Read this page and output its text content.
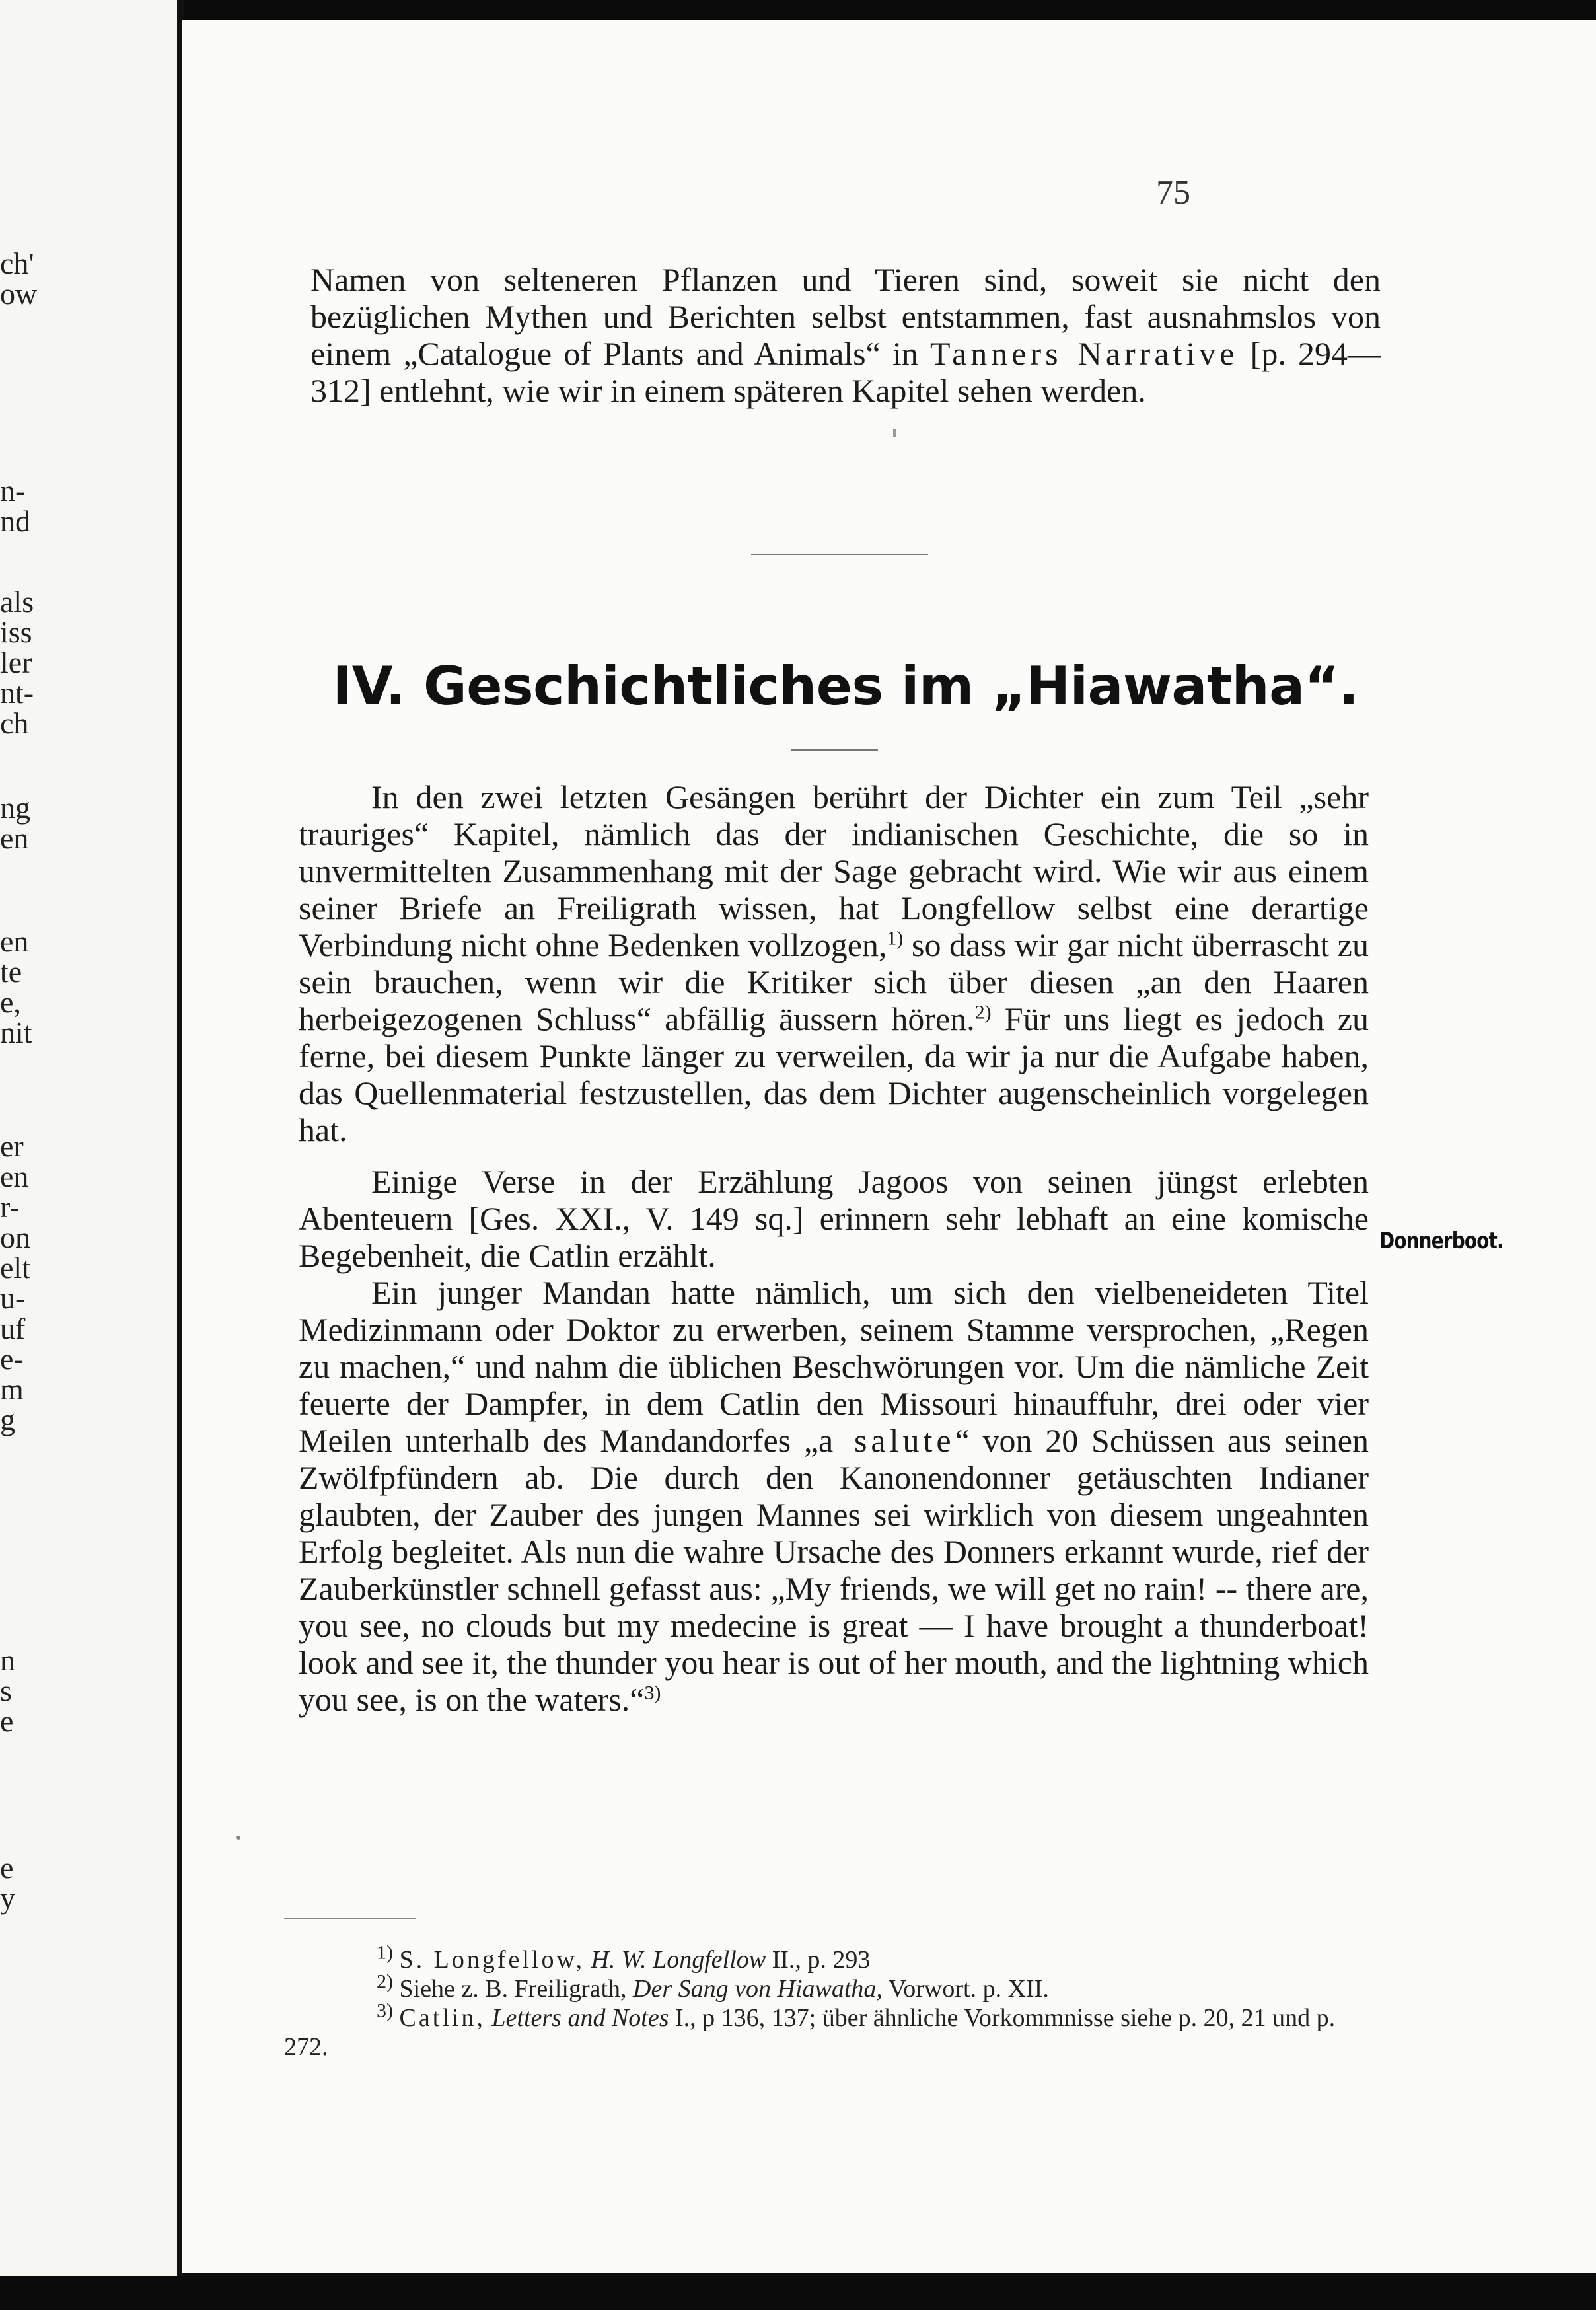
ch'
ow
n-
nd
als
iss
ler
nt-
ch
ng
en
en
te
e,
nit
er
en
r-
on
elt
u-
uf
e-
m
g
n
s
e
e
y
75

Namen von selteneren Pflanzen und Tieren sind, soweit sie nicht den bezüglichen Mythen und Berichten selbst entstammen, fast ausnahmslos von einem „Catalogue of Plants and Animals“ in Tanners Narrative [p. 294—312] entlehnt, wie wir in einem späteren Kapitel sehen werden.

IV. Geschichtliches im „Hiawatha“.

In den zwei letzten Gesängen berührt der Dichter ein zum Teil „sehr trauriges“ Kapitel, nämlich das der indianischen Geschichte, die so in unvermittelten Zusammenhang mit der Sage gebracht wird. Wie wir aus einem seiner Briefe an Freiligrath wissen, hat Longfellow selbst eine derartige Verbindung nicht ohne Bedenken vollzogen,$^{1)}$ so dass wir gar nicht überrascht zu sein brauchen, wenn wir die Kritiker sich über diesen „an den Haaren herbeigezogenen Schluss“ abfällig äussern hören.$^{2)}$ Für uns liegt es jedoch zu ferne, bei diesem Punkte länger zu verweilen, da wir ja nur die Aufgabe haben, das Quellenmaterial festzustellen, das dem Dichter augenscheinlich vorgelegen hat.

Einige Verse in der Erzählung Jagoos von seinen jüngst erlebten Abenteuern [Ges. XXI., V. 149 sq.] erinnern sehr lebhaft an eine komische Begebenheit, die Catlin erzählt.

Ein junger Mandan hatte nämlich, um sich den vielbeneideten Titel Medizinmann oder Doktor zu erwerben, seinem Stamme versprochen, „Regen zu machen,“ und nahm die üblichen Beschwörungen vor. Um die nämliche Zeit feuerte der Dampfer, in dem Catlin den Missouri hinauffuhr, drei oder vier Meilen unterhalb des Mandandorfes „a salute“ von 20 Schüssen aus seinen Zwölfpfündern ab. Die durch den Kanonendonner getäuschten Indianer glaubten, der Zauber des jungen Mannes sei wirklich von diesem ungeahnten Erfolg begleitet. Als nun die wahre Ursache des Donners erkannt wurde, rief der Zauberkünstler schnell gefasst aus: „My friends, we will get no rain! -- there are, you see, no clouds but my medecine is great — I have brought a thunderboat! look and see it, the thunder you hear is out of her mouth, and the lightning which you see, is on the waters.“$^{3)}$

Donnerboot.

$^{1)}$ S. Longfellow, H. W. Longfellow II., p. 293

$^{2)}$ Siehe z. B. Freiligrath, Der Sang von Hiawatha, Vorwort. p. XII.

$^{3)}$ Catlin, Letters and Notes I., p 136, 137; über ähnliche Vorkommnisse siehe p. 20, 21 und p. 272.
